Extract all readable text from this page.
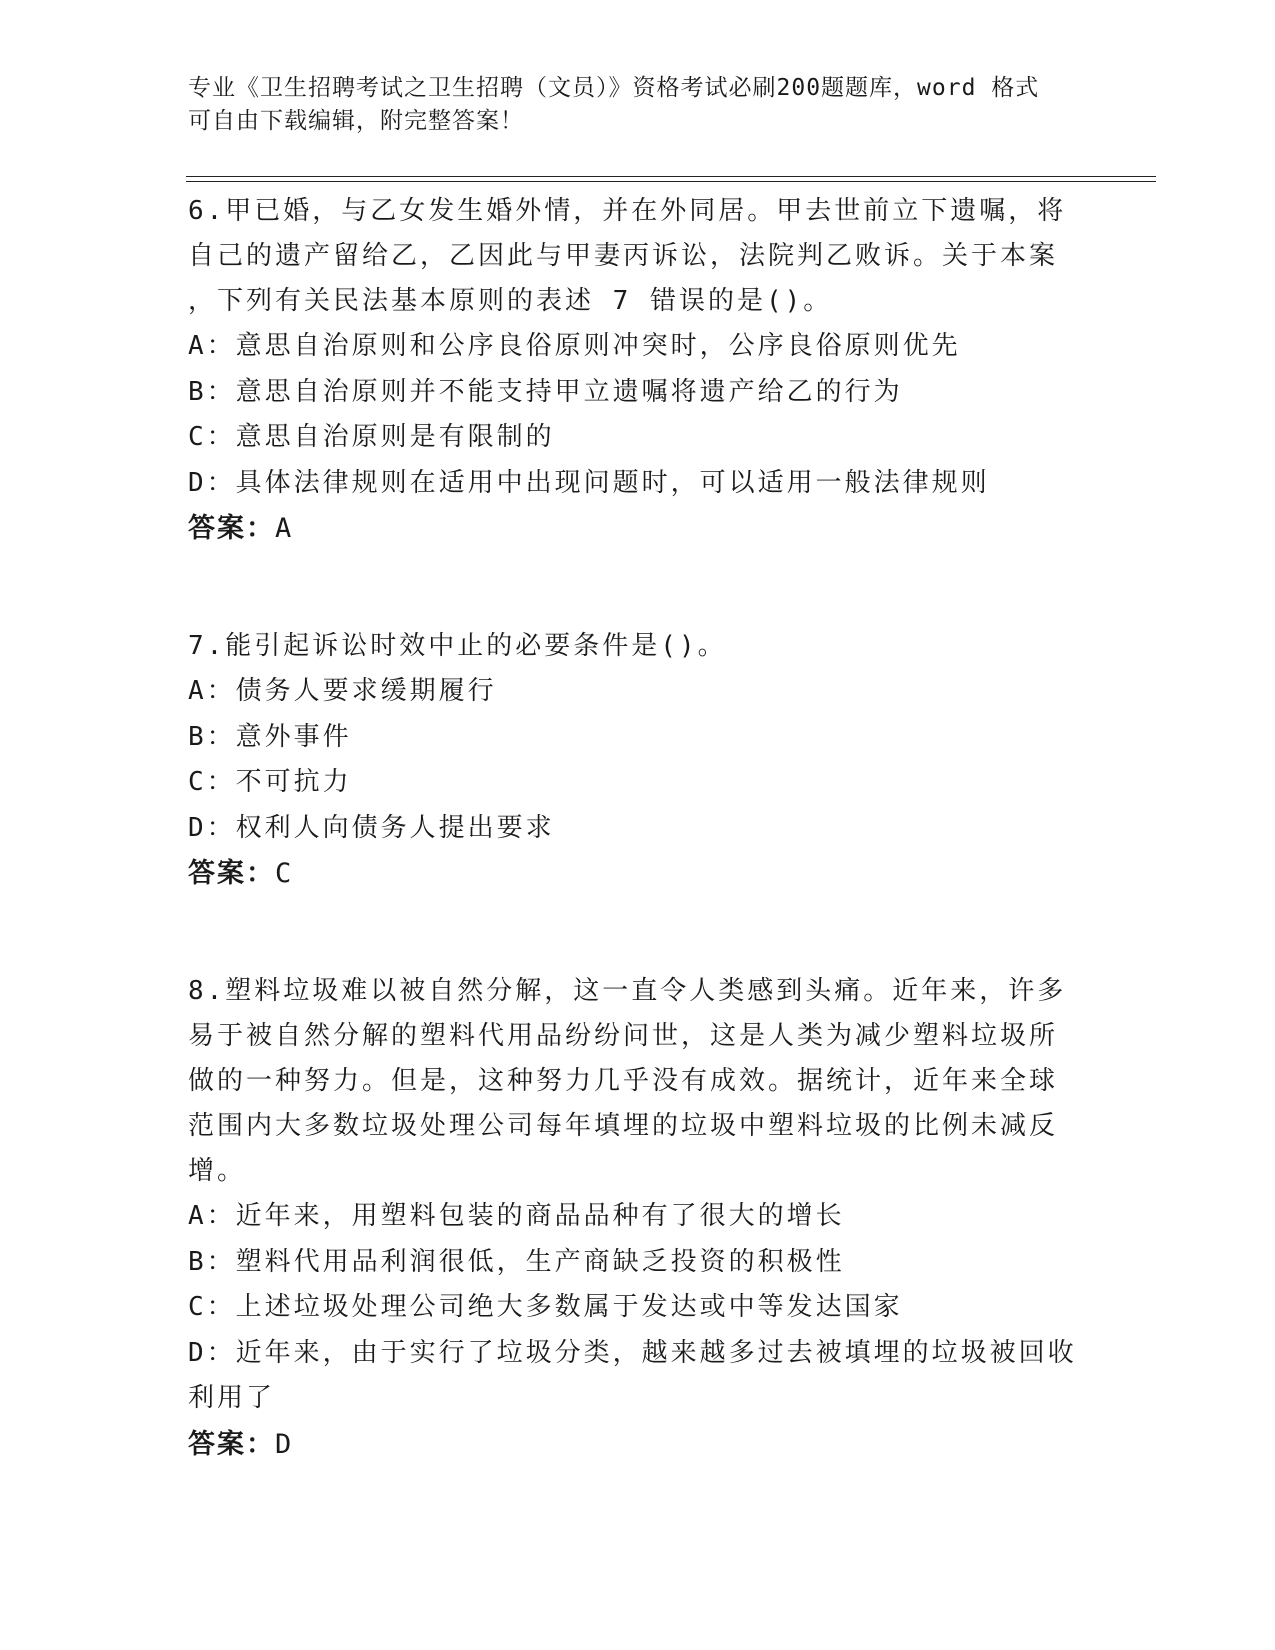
专业《卫生招聘考试之卫生招聘（文员）》资格考试必刷200题题库，word 格式
可自由下载编辑，附完整答案！
6.甲已婚，与乙女发生婚外情，并在外同居。甲去世前立下遗嘱，将
自己的遗产留给乙，乙因此与甲妻丙诉讼，法院判乙败诉。关于本案
，下列有关民法基本原则的表述 7 错误的是()。
A：意思自治原则和公序良俗原则冲突时，公序良俗原则优先
B：意思自治原则并不能支持甲立遗嘱将遗产给乙的行为
C：意思自治原则是有限制的
D：具体法律规则在适用中出现问题时，可以适用一般法律规则
答案：A
7.能引起诉讼时效中止的必要条件是()。
A：债务人要求缓期履行
B：意外事件
C：不可抗力
D：权利人向债务人提出要求
答案：C
8.塑料垃圾难以被自然分解，这一直令人类感到头痛。近年来，许多
易于被自然分解的塑料代用品纷纷问世，这是人类为减少塑料垃圾所
做的一种努力。但是，这种努力几乎没有成效。据统计，近年来全球
范围内大多数垃圾处理公司每年填埋的垃圾中塑料垃圾的比例未减反
增。
A：近年来，用塑料包装的商品品种有了很大的增长
B：塑料代用品利润很低，生产商缺乏投资的积极性
C：上述垃圾处理公司绝大多数属于发达或中等发达国家
D：近年来，由于实行了垃圾分类，越来越多过去被填埋的垃圾被回收
利用了
答案：D
